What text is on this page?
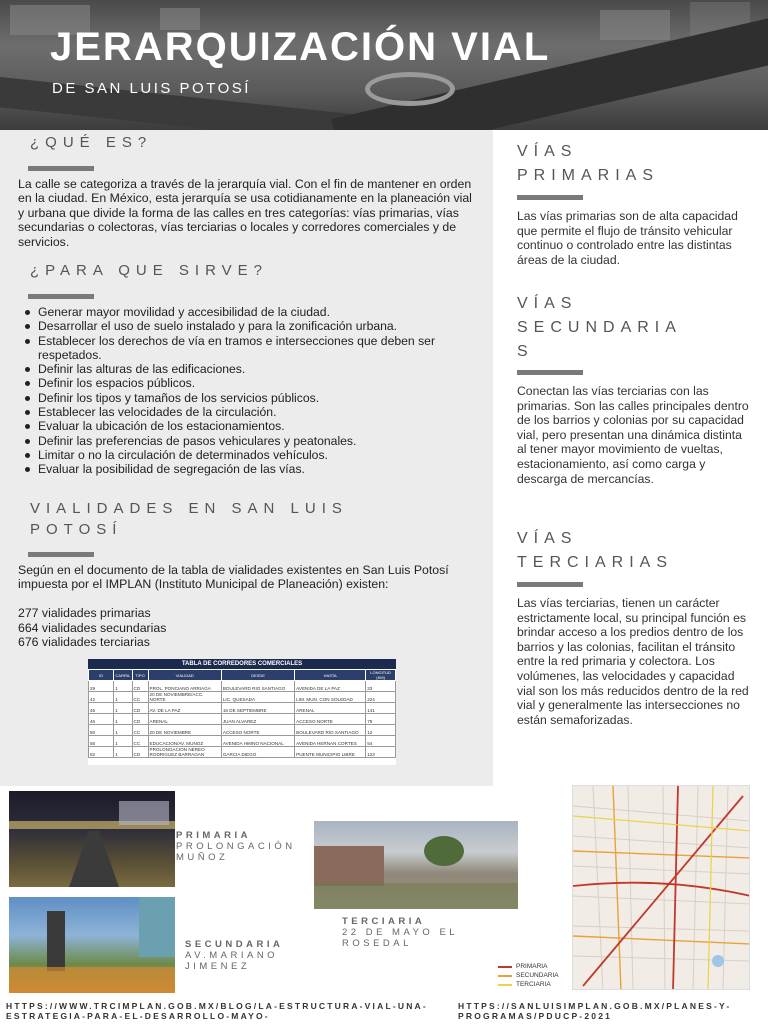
JERARQUIZACIÓN VIAL
DE SAN LUIS POTOSÍ
¿QUÉ ES?
La calle se categoriza a través de la jerarquía vial. Con el fin de mantener en orden en la ciudad. En México, esta jerarquía se usa cotidianamente en la planeación vial y urbana que divide la forma de las calles en tres categorías: vías primarias, vías secundarias o colectoras, vías terciarias o locales y corredores comerciales y de servicios.
¿PARA QUE SIRVE?
Generar mayor movilidad y accesibilidad de la ciudad.
Desarrollar el uso de suelo instalado y para la zonificación urbana.
Establecer los derechos de vía en tramos e intersecciones que deben ser respetados.
Definir las alturas de las edificaciones.
Definir los espacios públicos.
Definir los tipos y tamaños de los servicios públicos.
Establecer las velocidades de la circulación.
Evaluar la ubicación de los estacionamientos.
Definir las preferencias de pasos vehiculares y peatonales.
Limitar o no la circulación de determinados vehículos.
Evaluar la posibilidad de segregación de las vías.
VIALIDADES EN SAN LUIS
POTOSÍ
Según en el documento de la tabla de vialidades existentes en San Luis Potosí impuesta por el IMPLAN (Instituto Municipal de Planeación) existen:
277 vialidades primarias
664 vialidades secundarias
676 vialidades terciarias
TABLA DE CORREDORES COMERCIALES
ID	CARRIL	TIPO	VIALIDAD	DESDE	HASTA	LONGITUD (KM)
29	1	CD	PROL. PONCIANO ARRIAGA	BOULEVARD RIO SANTIAGO	AVENIDA DE LA PAZ	33
42	1	CC	20 DE NOVIEMBRE/ACC. NORTE	LIC. QUESADA	LIM. MUN. CON SOLEDAD	224
45	1	CD	AV. DE LA PAZ	16 DE SEPTIEMBRE	ARENAL	141
46	1	CD	ARENAL	JUAN ALVAREZ	ACCESO NORTE	79
50	1	CC	20 DE NOVIEMBRE	ACCESO NORTE	BOULEVARD RIO SANTIAGO	12
56	1	CC	EDUCACION/AV. MUNOZ	AVENIDA HIMNO NACIONAL	AVENIDA HERNAN CORTES	54
82	1	CD	PROLONGACION NEREO RODRIGUEZ BARRAGAN	GARCIA DIEGO	PUENTE MUNICIPIO LIBRE	123
VÍAS
PRIMARIAS
Las vías primarias son de alta capacidad que permite el flujo de tránsito vehicular continuo o controlado entre las distintas áreas de la ciudad.
VÍAS
SECUNDARIA
S
Conectan las vías terciarias con las primarias. Son las calles principales dentro de los barrios y colonias por su capacidad vial, pero presentan una dinámica distinta al tener mayor movimiento de vueltas, estacionamiento, así como carga y descarga de mercancías.
VÍAS
TERCIARIAS
Las vías terciarias, tienen un carácter estrictamente local, su principal función es brindar acceso a los predios dentro de los barrios y las colonias, facilitan el tránsito entre la red primaria y colectora. Los volúmenes, las velocidades y capacidad vial son los más reducidos dentro de la red vial y generalmente las intersecciones no están semaforizadas.
PRIMARIA
PROLONGACIÓN
MUÑOZ
TERCIARIA
22 DE MAYO EL
ROSEDAL
SECUNDARIA
AV.MARIANO
JIMENEZ	PRIMARIA
SECUNDARIA
TERCIARIA
HTTPS://WWW.TRCIMPLAN.GOB.MX/BLOG/LA-ESTRUCTURA-VIAL-UNA-
ESTRATEGIA-PARA-EL-DESARROLLO-MAYO-
HTTPS://SANLUISIMPLAN.GOB.MX/PLANES-Y-
PROGRAMAS/PDUCP-2021
